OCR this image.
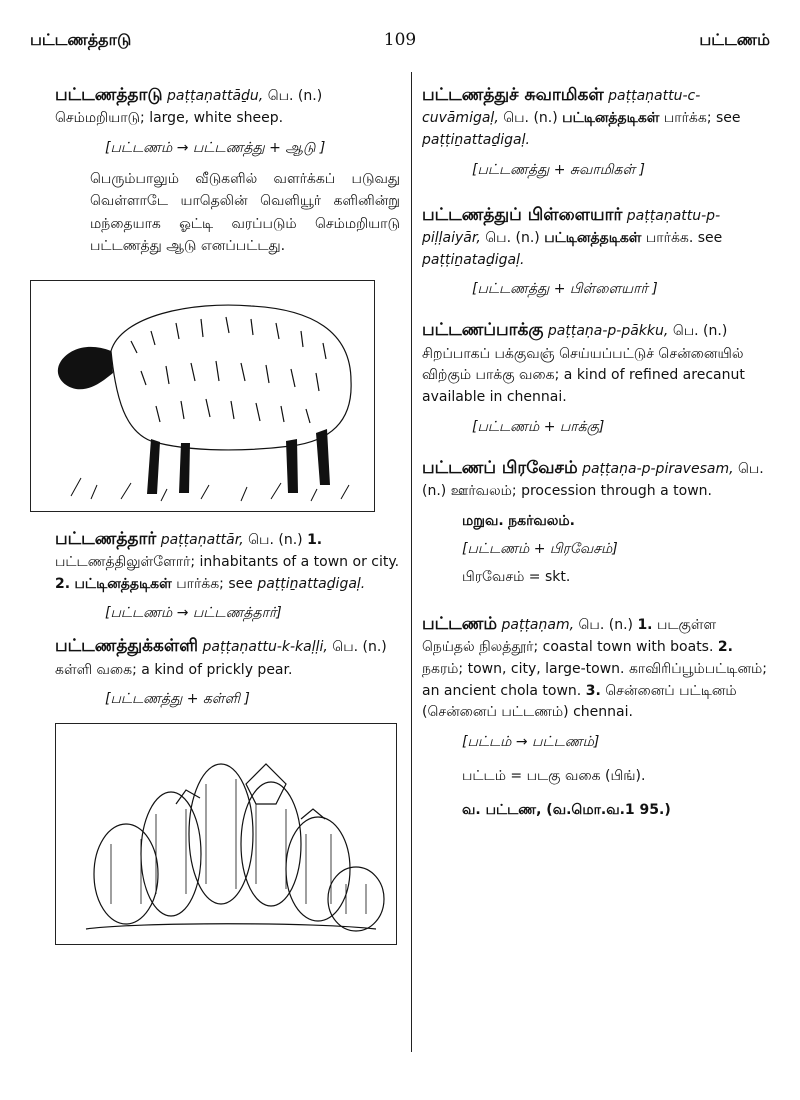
பட்டணத்தாடு	109	பட்டணம்
பட்டணத்தாடு paṭṭaṇattāḏu, பெ. (n.) செம்மறியாடு; large, white sheep.
[பட்டணம் → பட்டணத்து + ஆடு ]
பெரும்பாலும் வீடுகளில் வளர்க்கப் படுவது வெள்ளாடே யாதெலின் வெளியூர் களினின்று மந்தையாக ஓட்டி வரப்படும் செம்மறியாடு பட்டணத்து ஆடு எனப்பட்டது.
பட்டணத்தார் paṭṭaṇattār, பெ. (n.) 1. பட்டணத்திலுள்ளோர்; inhabitants of a town or city. 2. பட்டினத்தடிகள் பார்க்க; see paṭṭiṉattaḏigaḷ.
[பட்டணம் → பட்டணத்தார்]
பட்டணத்துக்கள்ளி paṭṭaṇattu-k-kaḷḷi, பெ. (n.) கள்ளி வகை; a kind of prickly pear.
[பட்டணத்து + கள்ளி ]
பட்டணத்துச் சுவாமிகள் paṭṭaṇattu-c-cuvāmigaḷ, பெ. (n.) பட்டினத்தடிகள் பார்க்க; see paṭṭiṉattaḏigaḷ.
[பட்டணத்து + சுவாமிகள் ]
பட்டணத்துப் பிள்ளையார் paṭṭaṇattu-p-piḷḷaiyār, பெ. (n.) பட்டினத்தடிகள் பார்க்க. see paṭṭiṉataḏigaḷ.
[பட்டணத்து + பிள்ளையார் ]
பட்டணப்பாக்கு paṭṭaṇa-p-pākku, பெ. (n.) சிறப்பாகப் பக்குவஞ் செய்யப்பட்டுச் சென்னையில் விற்கும் பாக்கு வகை; a kind of refined arecanut available in chennai.
[பட்டணம் + பாக்கு]
பட்டணப் பிரவேசம் paṭṭaṇa-p-piravesam, பெ. (n.) ஊர்வலம்; procession through a town.
மறுவ. நகர்வலம்.
[பட்டணம் + பிரவேசம்]
பிரவேசம் = skt.
பட்டணம் paṭṭaṇam, பெ. (n.) 1. படகுள்ள நெய்தல் நிலத்தூர்; coastal town with boats. 2. நகரம்; town, city, large-town. காவிரிப்பூம்பட்டினம்; an ancient chola town. 3. சென்னைப் பட்டினம் (சென்னைப் பட்டணம்) chennai.
[பட்டம் → பட்டணம்]
பட்டம் = படகு வகை (பிங்).
வ. பட்டண, (வ.மொ.வ.1 95.)
